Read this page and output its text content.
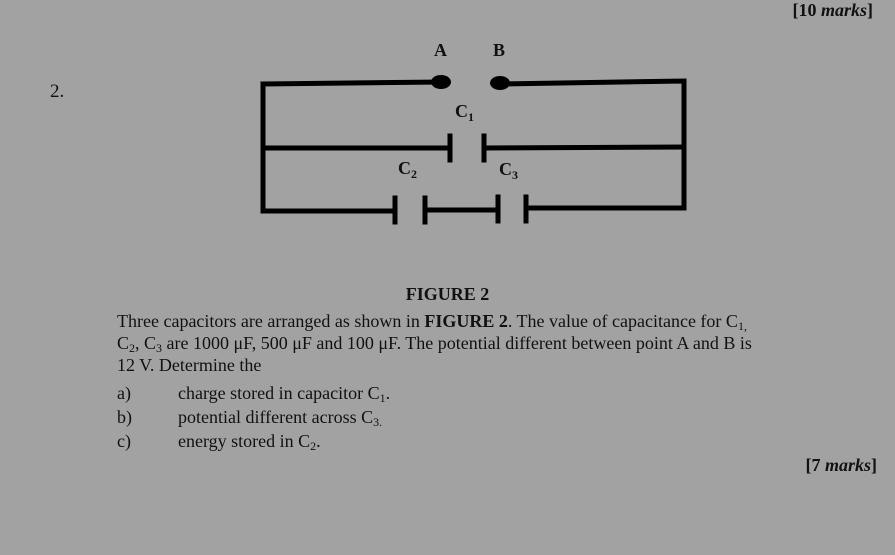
[10 marks]
2.
A	B
$C_1$
$C_2$	$C_3$
FIGURE 2
Three capacitors are arranged as shown in FIGURE 2. The value of capacitance for $C_{1,}$
$C_2$, $C_3$ are 1000 μF, 500 μF and 100 μF. The potential different between point A and B is
12 V. Determine the
a)	charge stored in capacitor $C_1$.
b)	potential different across $C_{3.}$
c)	energy stored in $C_2$.
[7 marks]
